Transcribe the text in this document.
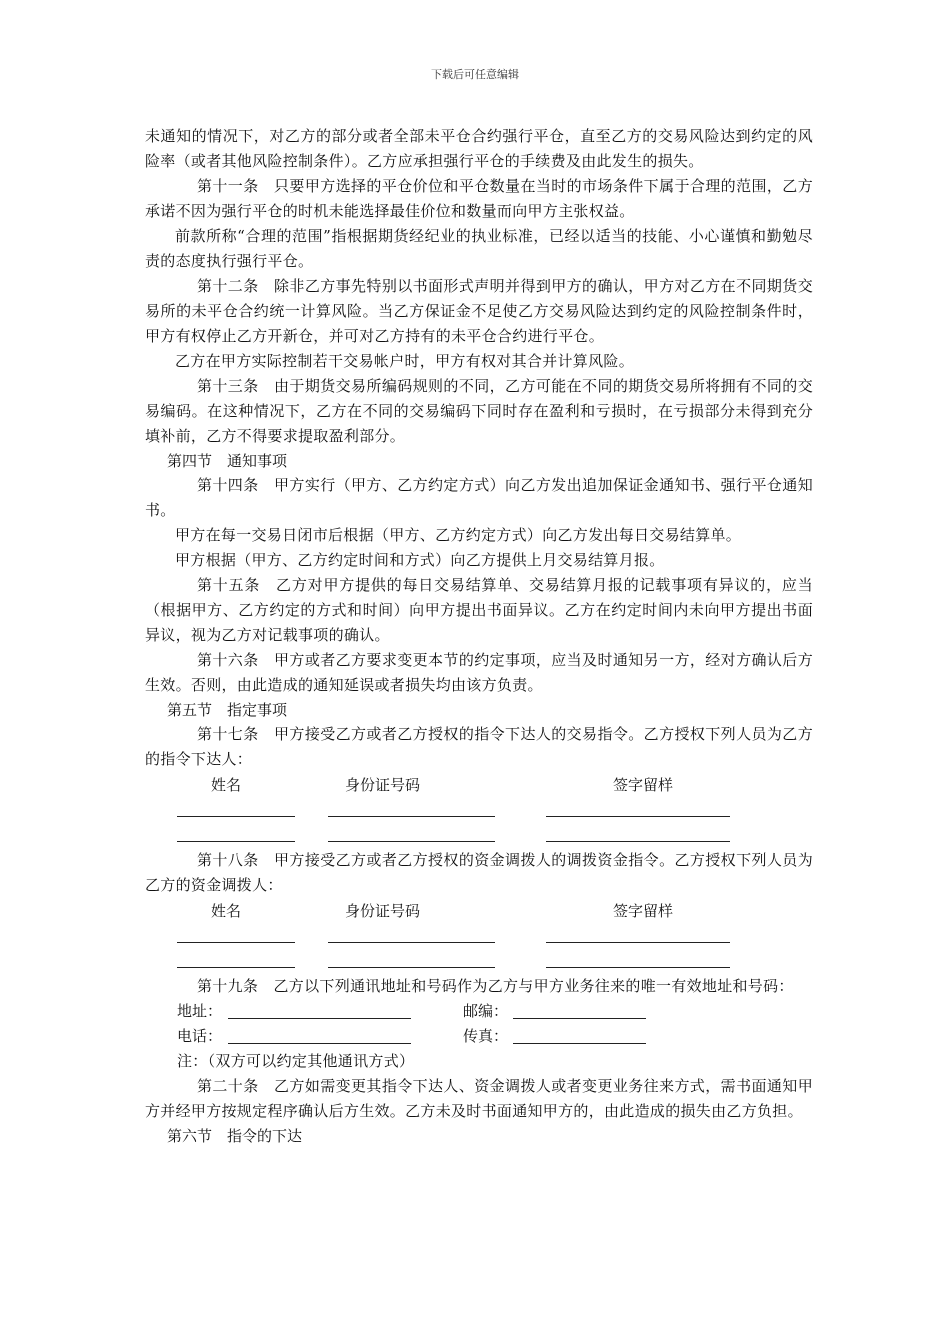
下载后可任意编辑

未通知的情况下，对乙方的部分或者全部未平仓合约强行平仓，直至乙方的交易风险达到约定的风险率（或者其他风险控制条件）。乙方应承担强行平仓的手续费及由此发生的损失。

第十一条　只要甲方选择的平仓价位和平仓数量在当时的市场条件下属于合理的范围，乙方承诺不因为强行平仓的时机未能选择最佳价位和数量而向甲方主张权益。

前款所称“合理的范围”指根据期货经纪业的执业标准，已经以适当的技能、小心谨慎和勤勉尽责的态度执行强行平仓。

第十二条　除非乙方事先特别以书面形式声明并得到甲方的确认，甲方对乙方在不同期货交易所的未平仓合约统一计算风险。当乙方保证金不足使乙方交易风险达到约定的风险控制条件时，甲方有权停止乙方开新仓，并可对乙方持有的未平仓合约进行平仓。

乙方在甲方实际控制若干交易帐户时，甲方有权对其合并计算风险。

第十三条　由于期货交易所编码规则的不同，乙方可能在不同的期货交易所将拥有不同的交易编码。在这种情况下，乙方在不同的交易编码下同时存在盈利和亏损时，在亏损部分未得到充分填补前，乙方不得要求提取盈利部分。

第四节　通知事项

第十四条　甲方实行（甲方、乙方约定方式）向乙方发出追加保证金通知书、强行平仓通知书。

甲方在每一交易日闭市后根据（甲方、乙方约定方式）向乙方发出每日交易结算单。

甲方根据（甲方、乙方约定时间和方式）向乙方提供上月交易结算月报。

第十五条　乙方对甲方提供的每日交易结算单、交易结算月报的记载事项有异议的，应当（根据甲方、乙方约定的方式和时间）向甲方提出书面异议。乙方在约定时间内未向甲方提出书面异议，视为乙方对记载事项的确认。

第十六条　甲方或者乙方要求变更本节的约定事项，应当及时通知另一方，经对方确认后方生效。否则，由此造成的通知延误或者损失均由该方负责。

第五节　指定事项

第十七条　甲方接受乙方或者乙方授权的指令下达人的交易指令。乙方授权下列人员为乙方的指令下达人：

姓名	身份证号码	签字留样

第十八条　甲方接受乙方或者乙方授权的资金调拨人的调拨资金指令。乙方授权下列人员为乙方的资金调拨人：

姓名	身份证号码	签字留样

第十九条　乙方以下列通讯地址和号码作为乙方与甲方业务往来的唯一有效地址和号码：

地址：	邮编：
电话：	传真：

注：（双方可以约定其他通讯方式）

第二十条　乙方如需变更其指令下达人、资金调拨人或者变更业务往来方式，需书面通知甲方并经甲方按规定程序确认后方生效。乙方未及时书面通知甲方的，由此造成的损失由乙方负担。

第六节　指令的下达
